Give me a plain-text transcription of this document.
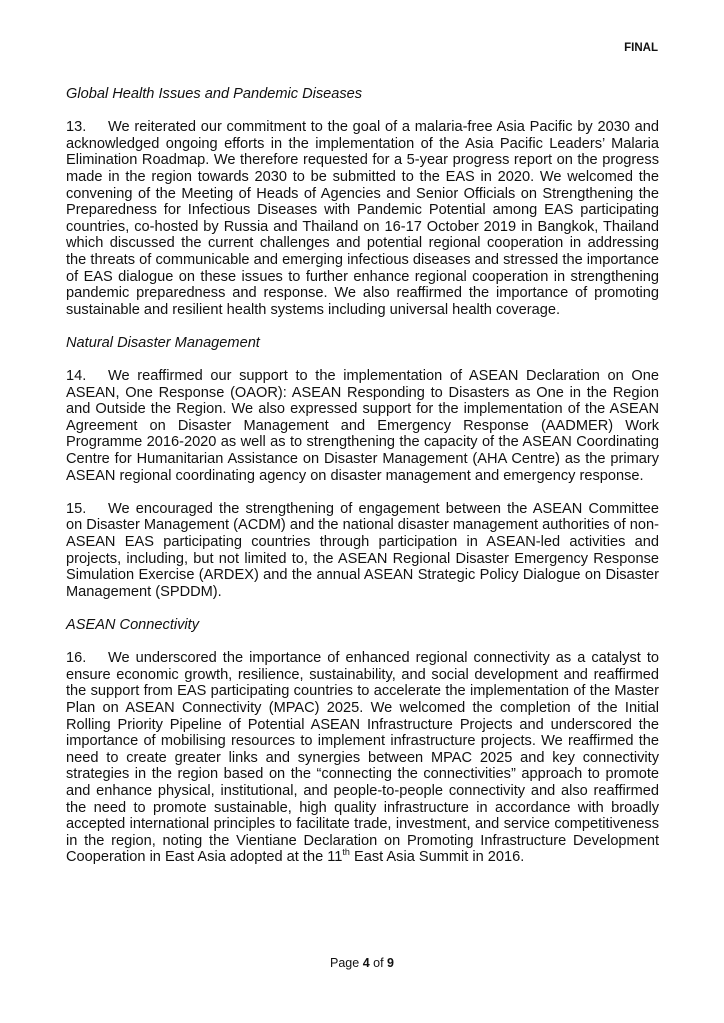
FINAL
Global Health Issues and Pandemic Diseases

13. We reiterated our commitment to the goal of a malaria-free Asia Pacific by 2030 and acknowledged ongoing efforts in the implementation of the Asia Pacific Leaders’ Malaria Elimination Roadmap. We therefore requested for a 5-year progress report on the progress made in the region towards 2030 to be submitted to the EAS in 2020. We welcomed the convening of the Meeting of Heads of Agencies and Senior Officials on Strengthening the Preparedness for Infectious Diseases with Pandemic Potential among EAS participating countries, co-hosted by Russia and Thailand on 16-17 October 2019 in Bangkok, Thailand which discussed the current challenges and potential regional cooperation in addressing the threats of communicable and emerging infectious diseases and stressed the importance of EAS dialogue on these issues to further enhance regional cooperation in strengthening pandemic preparedness and response. We also reaffirmed the importance of promoting sustainable and resilient health systems including universal health coverage.

Natural Disaster Management

14. We reaffirmed our support to the implementation of ASEAN Declaration on One ASEAN, One Response (OAOR): ASEAN Responding to Disasters as One in the Region and Outside the Region. We also expressed support for the implementation of the ASEAN Agreement on Disaster Management and Emergency Response (AADMER) Work Programme 2016-2020 as well as to strengthening the capacity of the ASEAN Coordinating Centre for Humanitarian Assistance on Disaster Management (AHA Centre) as the primary ASEAN regional coordinating agency on disaster management and emergency response.

15. We encouraged the strengthening of engagement between the ASEAN Committee on Disaster Management (ACDM) and the national disaster management authorities of non-ASEAN EAS participating countries through participation in ASEAN-led activities and projects, including, but not limited to, the ASEAN Regional Disaster Emergency Response Simulation Exercise (ARDEX) and the annual ASEAN Strategic Policy Dialogue on Disaster Management (SPDDM).

ASEAN Connectivity

16. We underscored the importance of enhanced regional connectivity as a catalyst to ensure economic growth, resilience, sustainability, and social development and reaffirmed the support from EAS participating countries to accelerate the implementation of the Master Plan on ASEAN Connectivity (MPAC) 2025. We welcomed the completion of the Initial Rolling Priority Pipeline of Potential ASEAN Infrastructure Projects and underscored the importance of mobilising resources to implement infrastructure projects. We reaffirmed the need to create greater links and synergies between MPAC 2025 and key connectivity strategies in the region based on the “connecting the connectivities” approach to promote and enhance physical, institutional, and people-to-people connectivity and also reaffirmed the need to promote sustainable, high quality infrastructure in accordance with broadly accepted international principles to facilitate trade, investment, and service competitiveness in the region, noting the Vientiane Declaration on Promoting Infrastructure Development Cooperation in East Asia adopted at the 11th East Asia Summit in 2016.

Page 4 of 9
